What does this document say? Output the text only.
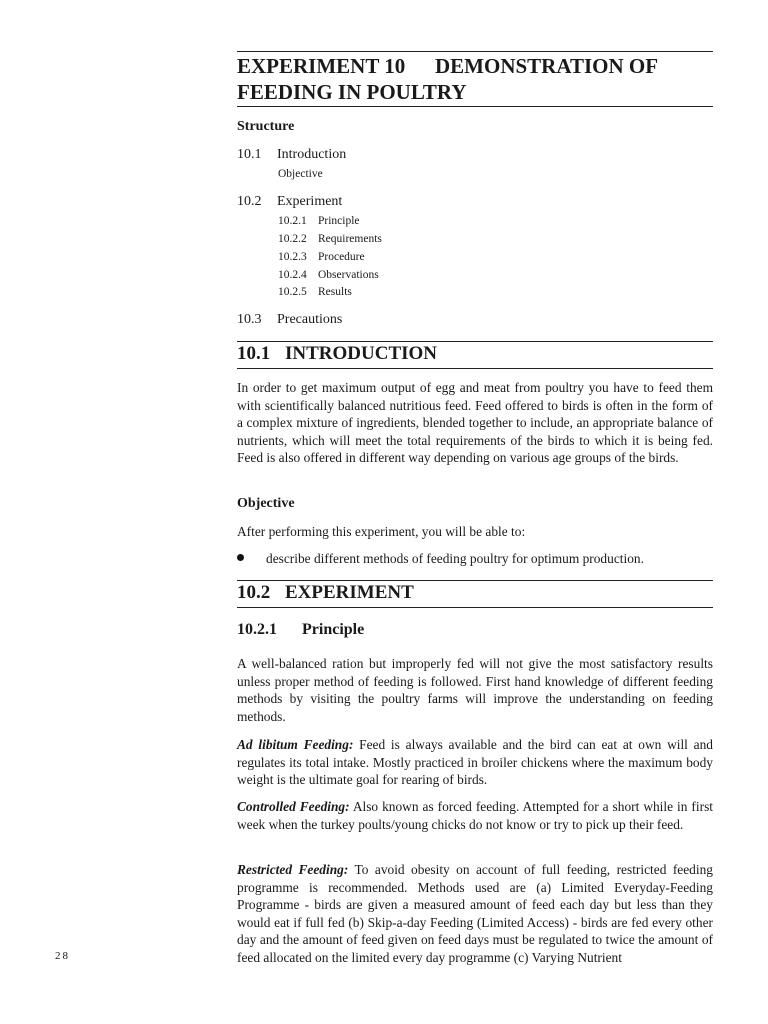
EXPERIMENT 10 DEMONSTRATION OF
FEEDING IN POULTRY
Structure
10.1 Introduction
Objective
10.2 Experiment
10.2.1 Principle
10.2.2 Requirements
10.2.3 Procedure
10.2.4 Observations
10.2.5 Results
10.3 Precautions
10.1 INTRODUCTION
In order to get maximum output of egg and meat from poultry you have to feed them with scientifically balanced nutritious feed. Feed offered to birds is often in the form of a complex mixture of ingredients, blended together to include, an appropriate balance of nutrients, which will meet the total requirements of the birds to which it is being fed. Feed is also offered in different way depending on various age groups of the birds.
Objective
After performing this experiment, you will be able to:
describe different methods of feeding poultry for optimum production.
10.2 EXPERIMENT
10.2.1 Principle
A well-balanced ration but improperly fed will not give the most satisfactory results unless proper method of feeding is followed. First hand knowledge of different feeding methods by visiting the poultry farms will improve the understanding on feeding methods.
Ad libitum Feeding: Feed is always available and the bird can eat at own will and regulates its total intake. Mostly practiced in broiler chickens where the maximum body weight is the ultimate goal for rearing of birds.
Controlled Feeding: Also known as forced feeding. Attempted for a short while in first week when the turkey poults/young chicks do not know or try to pick up their feed.
Restricted Feeding: To avoid obesity on account of full feeding, restricted feeding programme is recommended. Methods used are (a) Limited Everyday-Feeding Programme - birds are given a measured amount of feed each day but less than they would eat if full fed (b) Skip-a-day Feeding (Limited Access) - birds are fed every other day and the amount of feed given on feed days must be regulated to twice the amount of feed allocated on the limited every day programme (c) Varying Nutrient
28
